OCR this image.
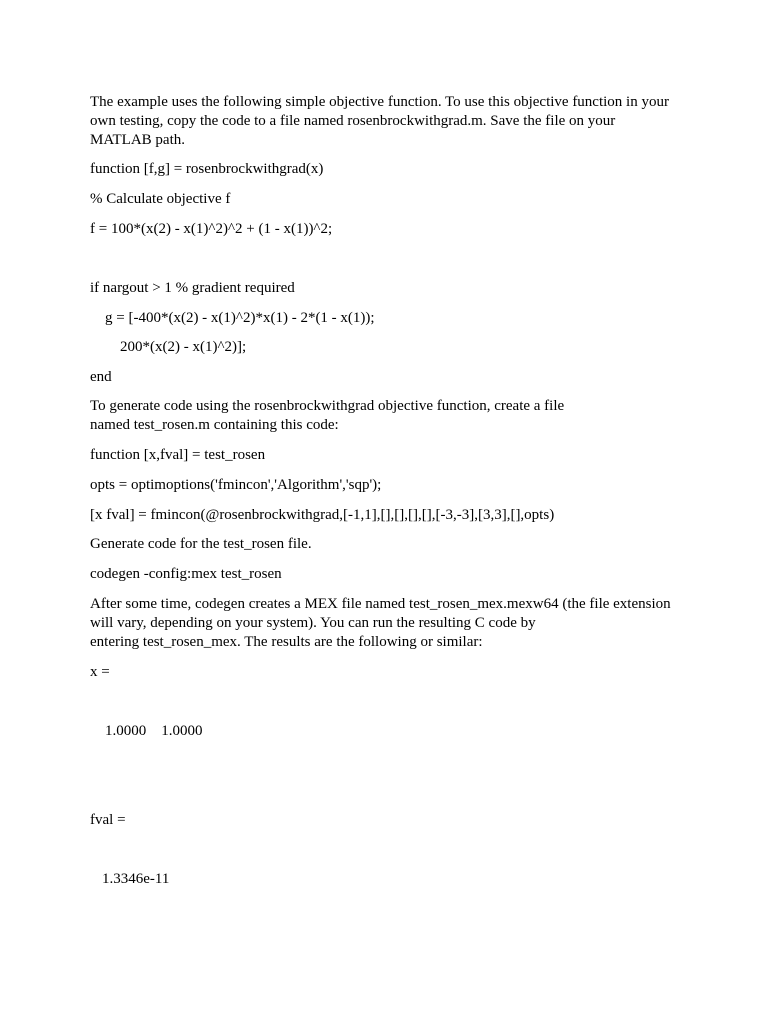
The example uses the following simple objective function. To use this objective function in your
own testing, copy the code to a file named rosenbrockwithgrad.m. Save the file on your
MATLAB path.
function [f,g] = rosenbrockwithgrad(x)
% Calculate objective f
f = 100*(x(2) - x(1)^2)^2 + (1 - x(1))^2;
if nargout > 1 % gradient required
g = [-400*(x(2) - x(1)^2)*x(1) - 2*(1 - x(1));
200*(x(2) - x(1)^2)];
end
To generate code using the rosenbrockwithgrad objective function, create a file
named test_rosen.m containing this code:
function [x,fval] = test_rosen
opts = optimoptions('fmincon','Algorithm','sqp');
[x fval] = fmincon(@rosenbrockwithgrad,[-1,1],[],[],[],[],[-3,-3],[3,3],[],opts)
Generate code for the test_rosen file.
codegen -config:mex test_rosen
After some time, codegen creates a MEX file named test_rosen_mex.mexw64 (the file extension
will vary, depending on your system). You can run the resulting C code by
entering test_rosen_mex. The results are the following or similar:
x =
1.0000    1.0000
fval =
1.3346e-11
